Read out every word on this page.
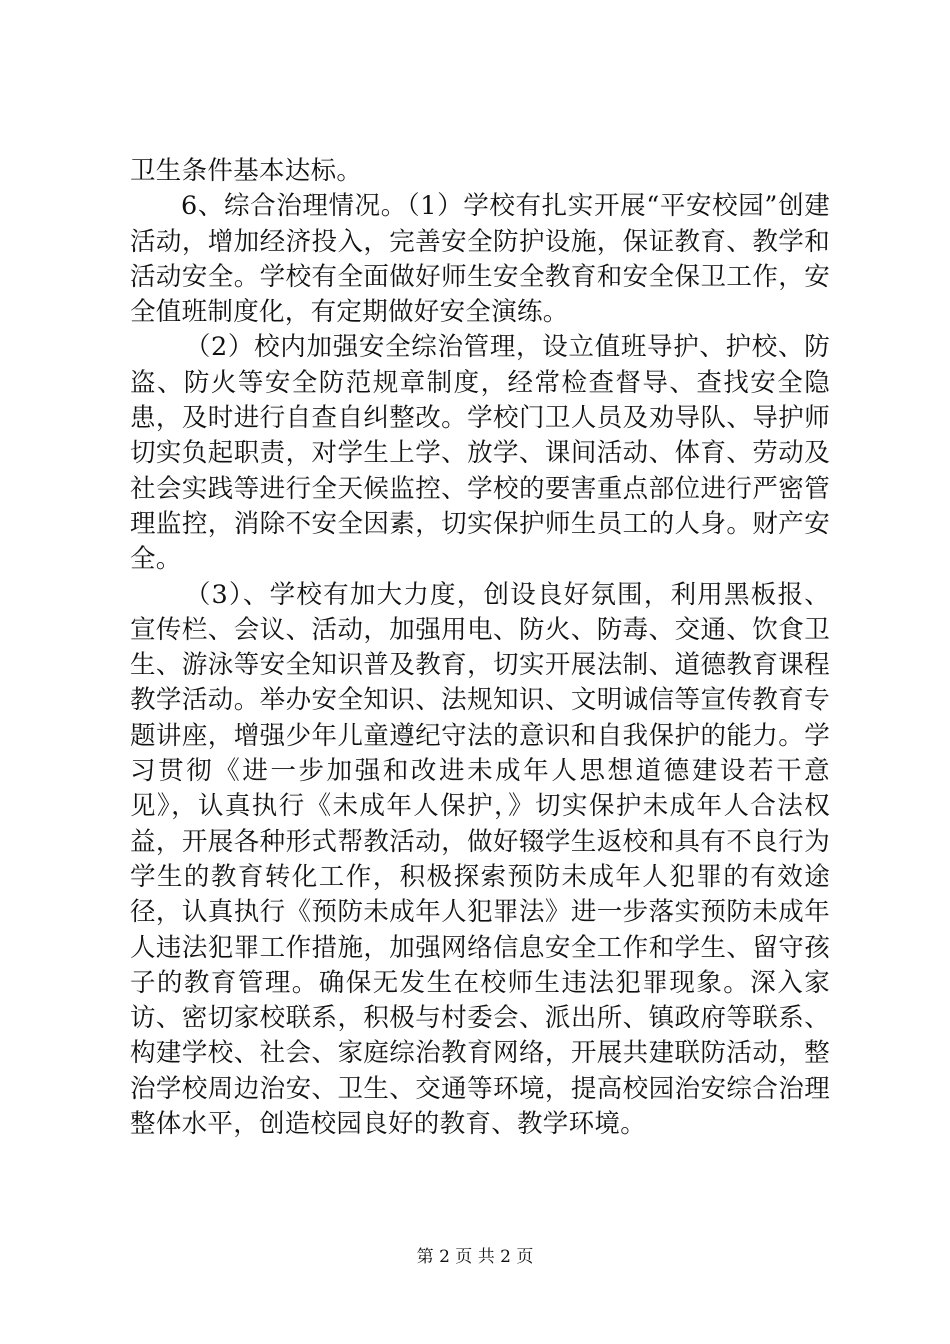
卫生条件基本达标。

6、综合治理情况。（1）学校有扎实开展“平安校园”创建活动，增加经济投入，完善安全防护设施，保证教育、教学和活动安全。学校有全面做好师生安全教育和安全保卫工作，安全值班制度化，有定期做好安全演练。

（2）校内加强安全综治管理，设立值班导护、护校、防盗、防火等安全防范规章制度，经常检查督导、查找安全隐患，及时进行自查自纠整改。学校门卫人员及劝导队、导护师切实负起职责，对学生上学、放学、课间活动、体育、劳动及社会实践等进行全天候监控、学校的要害重点部位进行严密管理监控，消除不安全因素，切实保护师生员工的人身。财产安全。

（3）、学校有加大力度，创设良好氛围，利用黑板报、宣传栏、会议、活动，加强用电、防火、防毒、交通、饮食卫生、游泳等安全知识普及教育，切实开展法制、道德教育课程教学活动。举办安全知识、法规知识、文明诚信等宣传教育专题讲座，增强少年儿童遵纪守法的意识和自我保护的能力。学习贯彻《进一步加强和改进未成年人思想道德建设若干意见》，认真执行《未成年人保护，》切实保护未成年人合法权益，开展各种形式帮教活动，做好辍学生返校和具有不良行为学生的教育转化工作，积极探索预防未成年人犯罪的有效途径，认真执行《预防未成年人犯罪法》进一步落实预防未成年人违法犯罪工作措施，加强网络信息安全工作和学生、留守孩子的教育管理。确保无发生在校师生违法犯罪现象。深入家访、密切家校联系，积极与村委会、派出所、镇政府等联系、构建学校、社会、家庭综治教育网络，开展共建联防活动，整治学校周边治安、卫生、交通等环境，提高校园治安综合治理整体水平，创造校园良好的教育、教学环境。

第 2 页 共 2 页
